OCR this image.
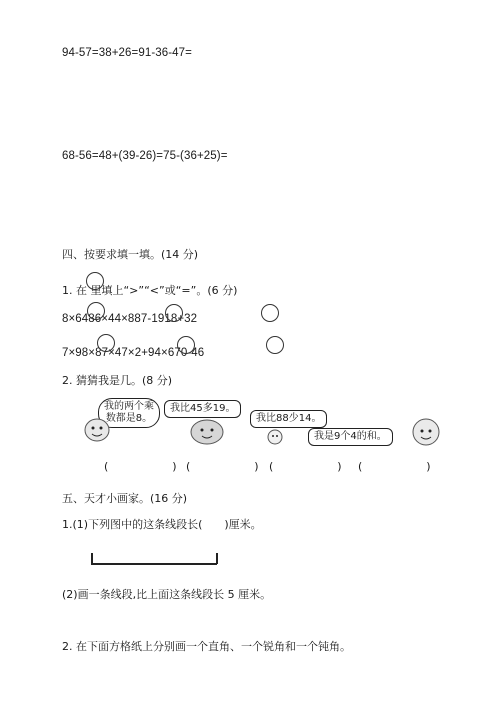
94-57=38+26=91-36-47=
68-56=48+(39-26)=75-(36+25)=
四、按要求填一填。(14 分)
1. 在 里填上“>”“<”或“=”。(6 分)
8×6486×44×887-1918+32
7×98×87×47×2+94×670-46
2. 猜猜我是几。(8 分)
我的两个乘数都是8。
我比45多19。
我比88少14。
我是9个4的和。
(　　)
(　　)
(　　) (　　)
五、天才小画家。(16 分)
1.(1)下列图中的这条线段长(　　)厘米。
(2)画一条线段,比上面这条线段长 5 厘米。
2. 在下面方格纸上分别画一个直角、一个锐角和一个钝角。
